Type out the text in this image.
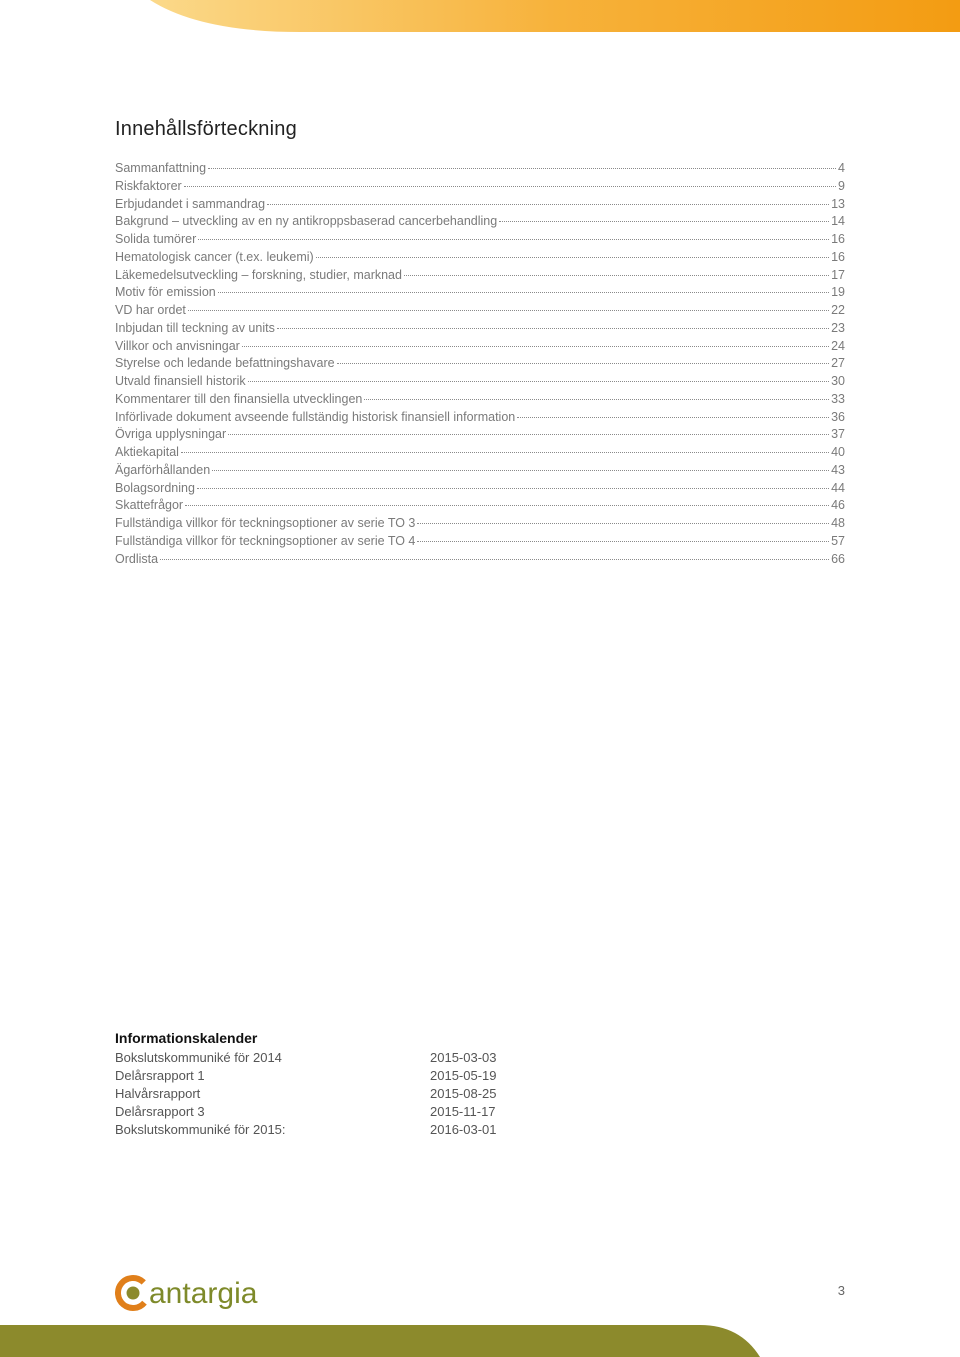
Innehållsförteckning
Sammanfattning	4
Riskfaktorer	9
Erbjudandet i sammandrag	13
Bakgrund – utveckling av en ny antikroppsbaserad cancerbehandling	14
Solida tumörer	16
Hematologisk cancer (t.ex. leukemi)	16
Läkemedelsutveckling – forskning, studier, marknad	17
Motiv för emission	19
VD har ordet	22
Inbjudan till teckning av units	23
Villkor och anvisningar	24
Styrelse och ledande befattningshavare	27
Utvald finansiell historik	30
Kommentarer till den finansiella utvecklingen	33
Införlivade dokument avseende fullständig historisk finansiell information	36
Övriga upplysningar	37
Aktiekapital	40
Ägarförhållanden	43
Bolagsordning	44
Skattefrågor	46
Fullständiga villkor för teckningsoptioner av serie TO 3	48
Fullständiga villkor för teckningsoptioner av serie TO 4	57
Ordlista	66
Informationskalender
Bokslutskommuniké för 2014	2015-03-03
Delårsrapport 1	2015-05-19
Halvårsrapport	2015-08-25
Delårsrapport 3	2015-11-17
Bokslutskommuniké för 2015:	2016-03-01
antargia	3
